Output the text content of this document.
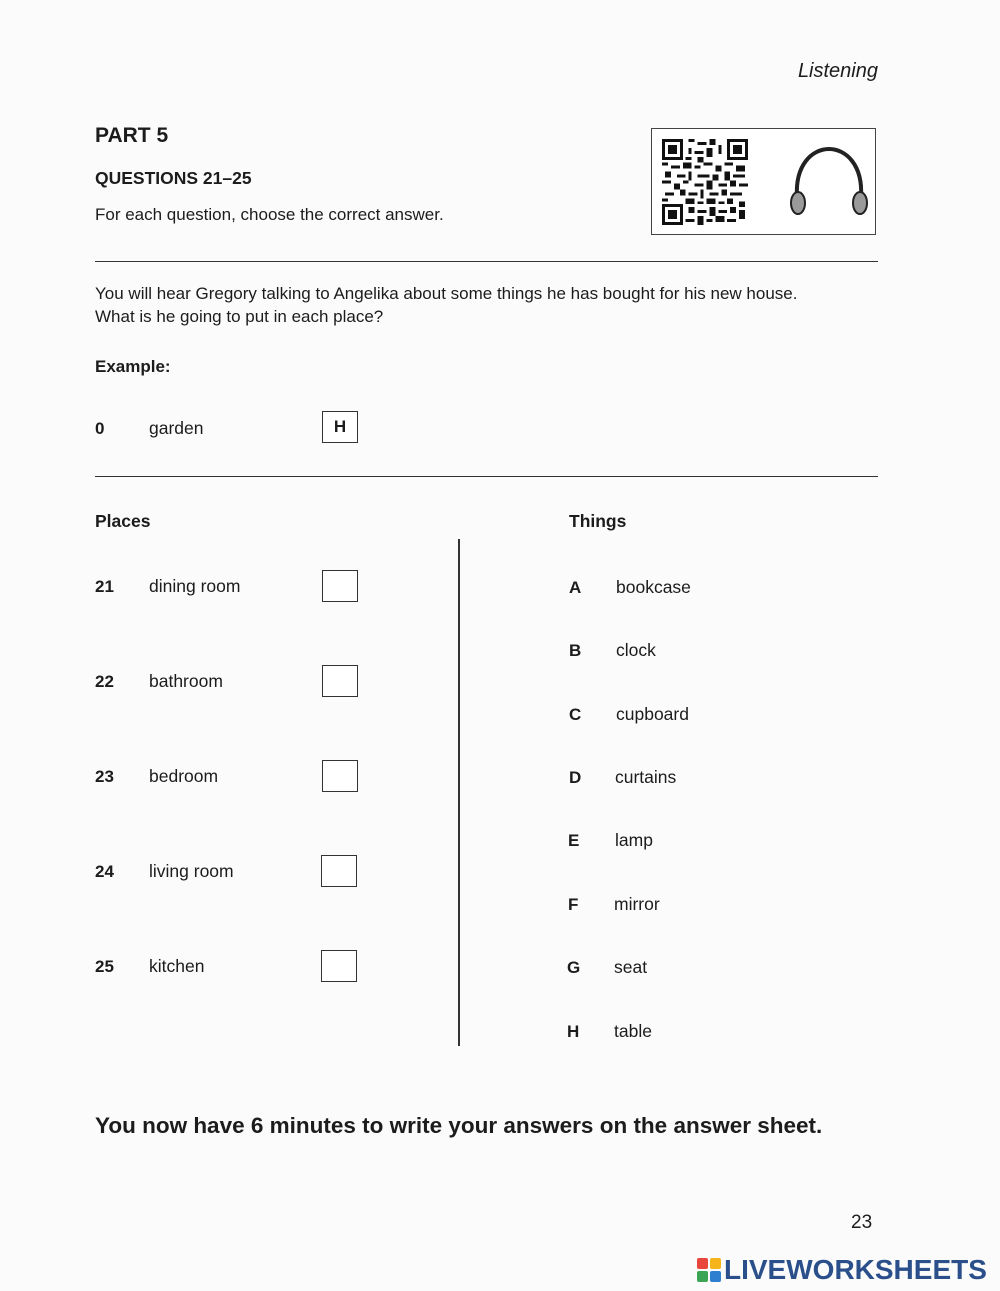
Listening
PART 5
QUESTIONS 21–25
For each question, choose the correct answer.
You will hear Gregory talking to Angelika about some things he has bought for his new house.
What is he going to put in each place?
Example:
0	garden	H
Places
21 dining room
22 bathroom
23 bedroom
24 living room
25 kitchen
Things
A bookcase
B clock
C cupboard
D curtains
E lamp
F mirror
G seat
H table
You now have 6 minutes to write your answers on the answer sheet.
23
LIVEWORKSHEETS
